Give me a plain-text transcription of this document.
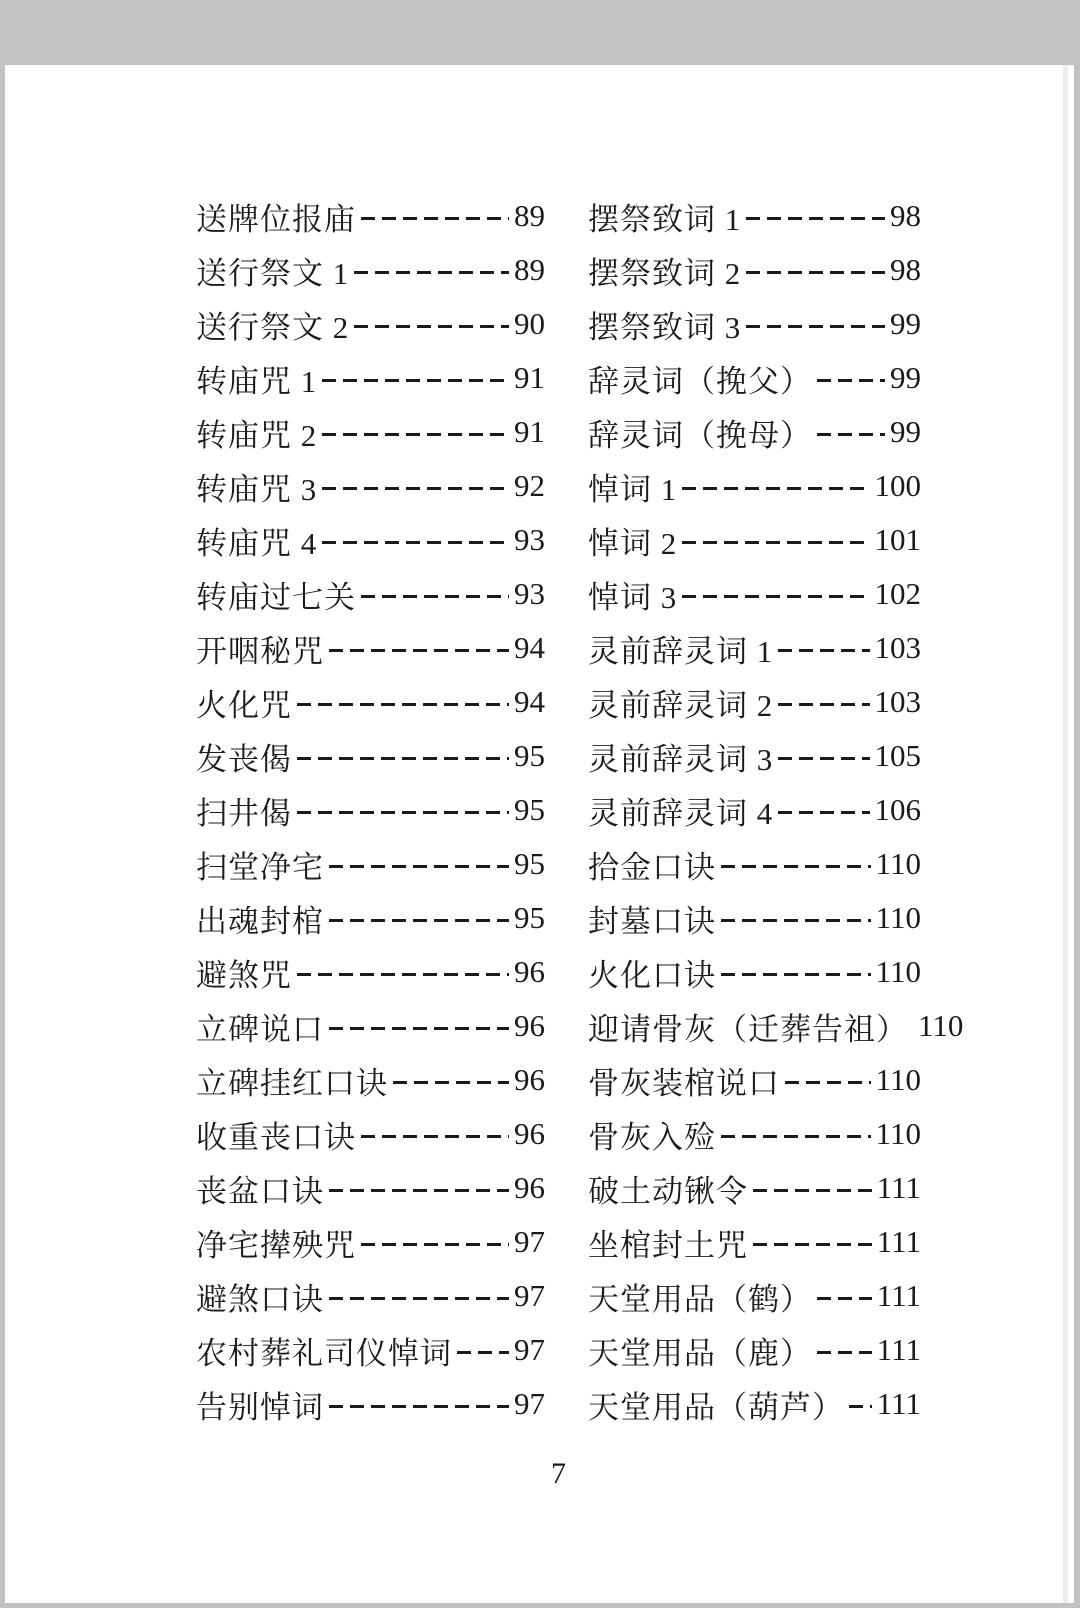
送牌位报庙	89
送行祭文 1	89
送行祭文 2	90
转庙咒 1	91
转庙咒 2	91
转庙咒 3	92
转庙咒 4	93
转庙过七关	93
开咽秘咒	94
火化咒	94
发丧偈	95
扫井偈	95
扫堂净宅	95
出魂封棺	95
避煞咒	96
立碑说口	96
立碑挂红口诀	96
收重丧口诀	96
丧盆口诀	96
净宅撵殃咒	97
避煞口诀	97
农村葬礼司仪悼词 97
告别悼词	97
摆祭致词 1	98
摆祭致词 2	98
摆祭致词 3	99
辞灵词（挽父）	99
辞灵词（挽母）	99
悼词 1	100
悼词 2	101
悼词 3	102
灵前辞灵词 1	103
灵前辞灵词 2	103
灵前辞灵词 3	105
灵前辞灵词 4	106
拾金口诀	110
封墓口诀	110
火化口诀	110
迎请骨灰（迁葬告祖） 110
骨灰装棺说口	110
骨灰入殓	110
破土动锹令	111
坐棺封土咒	111
天堂用品（鹤） 111
天堂用品（鹿） 111
天堂用品（葫芦） 111
7
